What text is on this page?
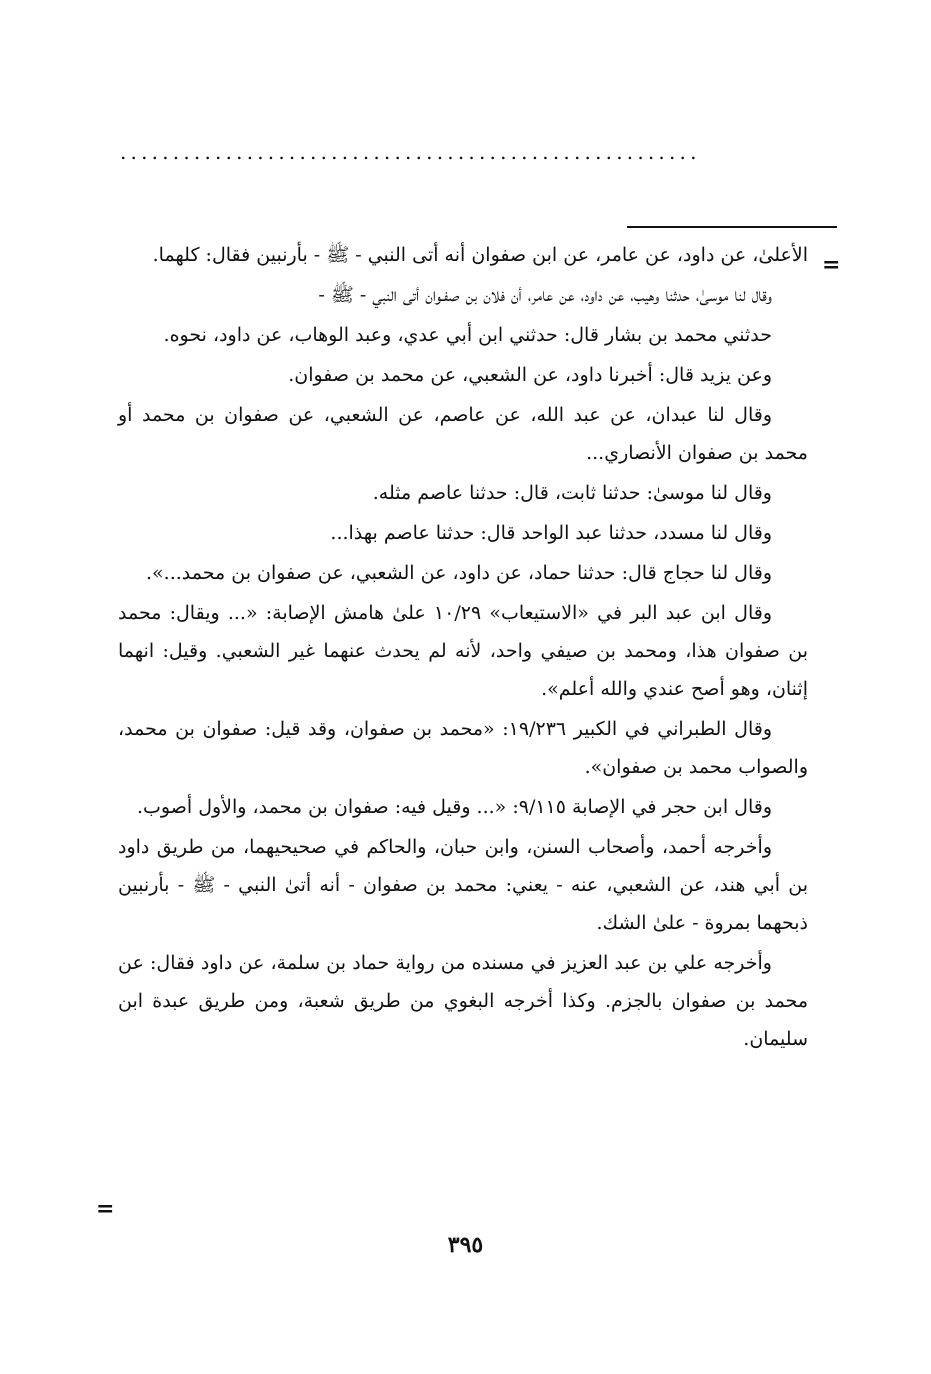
.......................................................
=

الأعلىٰ، عن داود، عن عامر، عن ابن صفوان أنه أتى النبي - ﷺ - بأرنبين فقال: كلهما.

وقال لنا موسىٰ، حدثنا وهيب، عن داود، عن عامر، أن فلان بن صفـوان أتى النبي - ﷺ -

حدثني محمد بن بشار قال: حدثني ابن أبي عدي، وعبد الوهاب، عن داود، نحوه.

وعن يزيد قال: أخبرنا داود، عن الشعبي، عن محمد بن صفوان.

وقال لنا عبدان، عن عبد الله، عن عاصم، عن الشعبي، عن صفوان بن محمد أو محمد بن صفوان الأنصاري...

وقال لنا موسىٰ: حدثنا ثابت، قال: حدثنا عاصم مثله.

وقال لنا مسدد، حدثنا عبد الواحد قال: حدثنا عاصم بهذا...

وقال لنا حجاج قال: حدثنا حماد، عن داود، عن الشعبي، عن صفوان بن محمد...».

وقال ابن عبد البر في «الاستيعاب» ١٠/٢٩ علىٰ هامش الإصابة: «... ويقال: محمد بن صفوان هذا، ومحمد بن صيفي واحد، لأنه لم يحدث عنهما غير الشعبي. وقيل: انهما إثنان، وهو أصح عندي والله أعلم».

وقال الطبراني في الكبير ١٩/٢٣٦: «محمد بن صفوان، وقد قيل: صفوان بن محمد، والصواب محمد بن صفوان».

وقال ابن حجر في الإصابة ٩/١١٥: «... وقيل فيه: صفوان بن محمد، والأول أصوب.

وأخرجه أحمد، وأصحاب السنن، وابن حبان، والحاكم في صحيحيهما، من طريق داود بن أبي هند، عن الشعبي، عنه - يعني: محمد بن صفوان - أنه أتىٰ النبي - ﷺ - بأرنبين ذبحهما بمروة - علىٰ الشك.

وأخرجه علي بن عبد العزيز في مسنده من رواية حماد بن سلمة، عن داود فقال: عن محمد بن صفوان بالجزم. وكذا أخرجه البغوي من طريق شعبة، ومن طريق عبدة ابن سليمان.

=
٣٩٥
